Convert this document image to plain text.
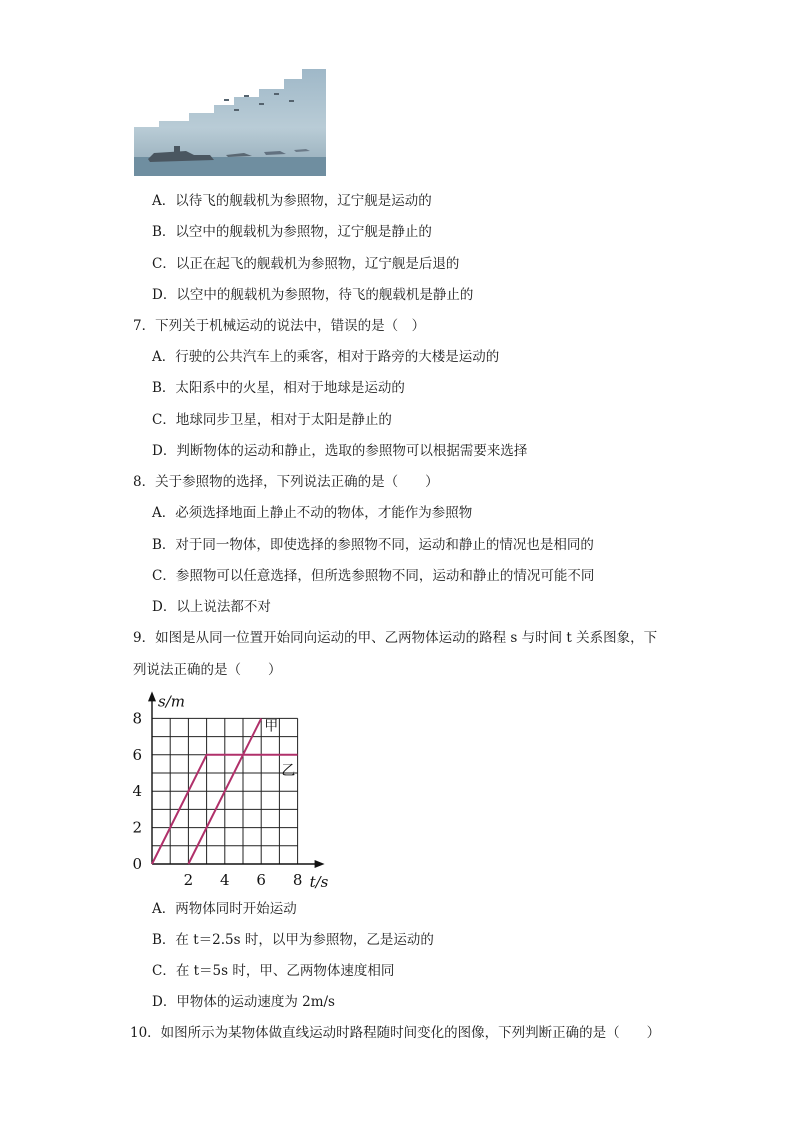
A．以待飞的舰载机为参照物，辽宁舰是运动的
B．以空中的舰载机为参照物，辽宁舰是静止的
C．以正在起飞的舰载机为参照物，辽宁舰是后退的
D．以空中的舰载机为参照物，待飞的舰载机是静止的
7．下列关于机械运动的说法中，错误的是（　）
A．行驶的公共汽车上的乘客，相对于路旁的大楼是运动的
B．太阳系中的火星，相对于地球是运动的
C．地球同步卫星，相对于太阳是静止的
D．判断物体的运动和静止，选取的参照物可以根据需要来选择
8．关于参照物的选择，下列说法正确的是（　　）
A．必须选择地面上静止不动的物体，才能作为参照物
B．对于同一物体，即使选择的参照物不同，运动和静止的情况也是相同的
C．参照物可以任意选择，但所选参照物不同，运动和静止的情况可能不同
D．以上说法都不对
9．如图是从同一位置开始同向运动的甲、乙两物体运动的路程 s 与时间 t 关系图象，下
列说法正确的是（　　）
0
2
4
6
8
2 4 6 8
s/m
t/s
甲
乙
A．两物体同时开始运动
B．在 t＝2.5s 时，以甲为参照物，乙是运动的
C．在 t＝5s 时，甲、乙两物体速度相同
D．甲物体的运动速度为 2m/s
10．如图所示为某物体做直线运动时路程随时间变化的图像，下列判断正确的是（　　）
